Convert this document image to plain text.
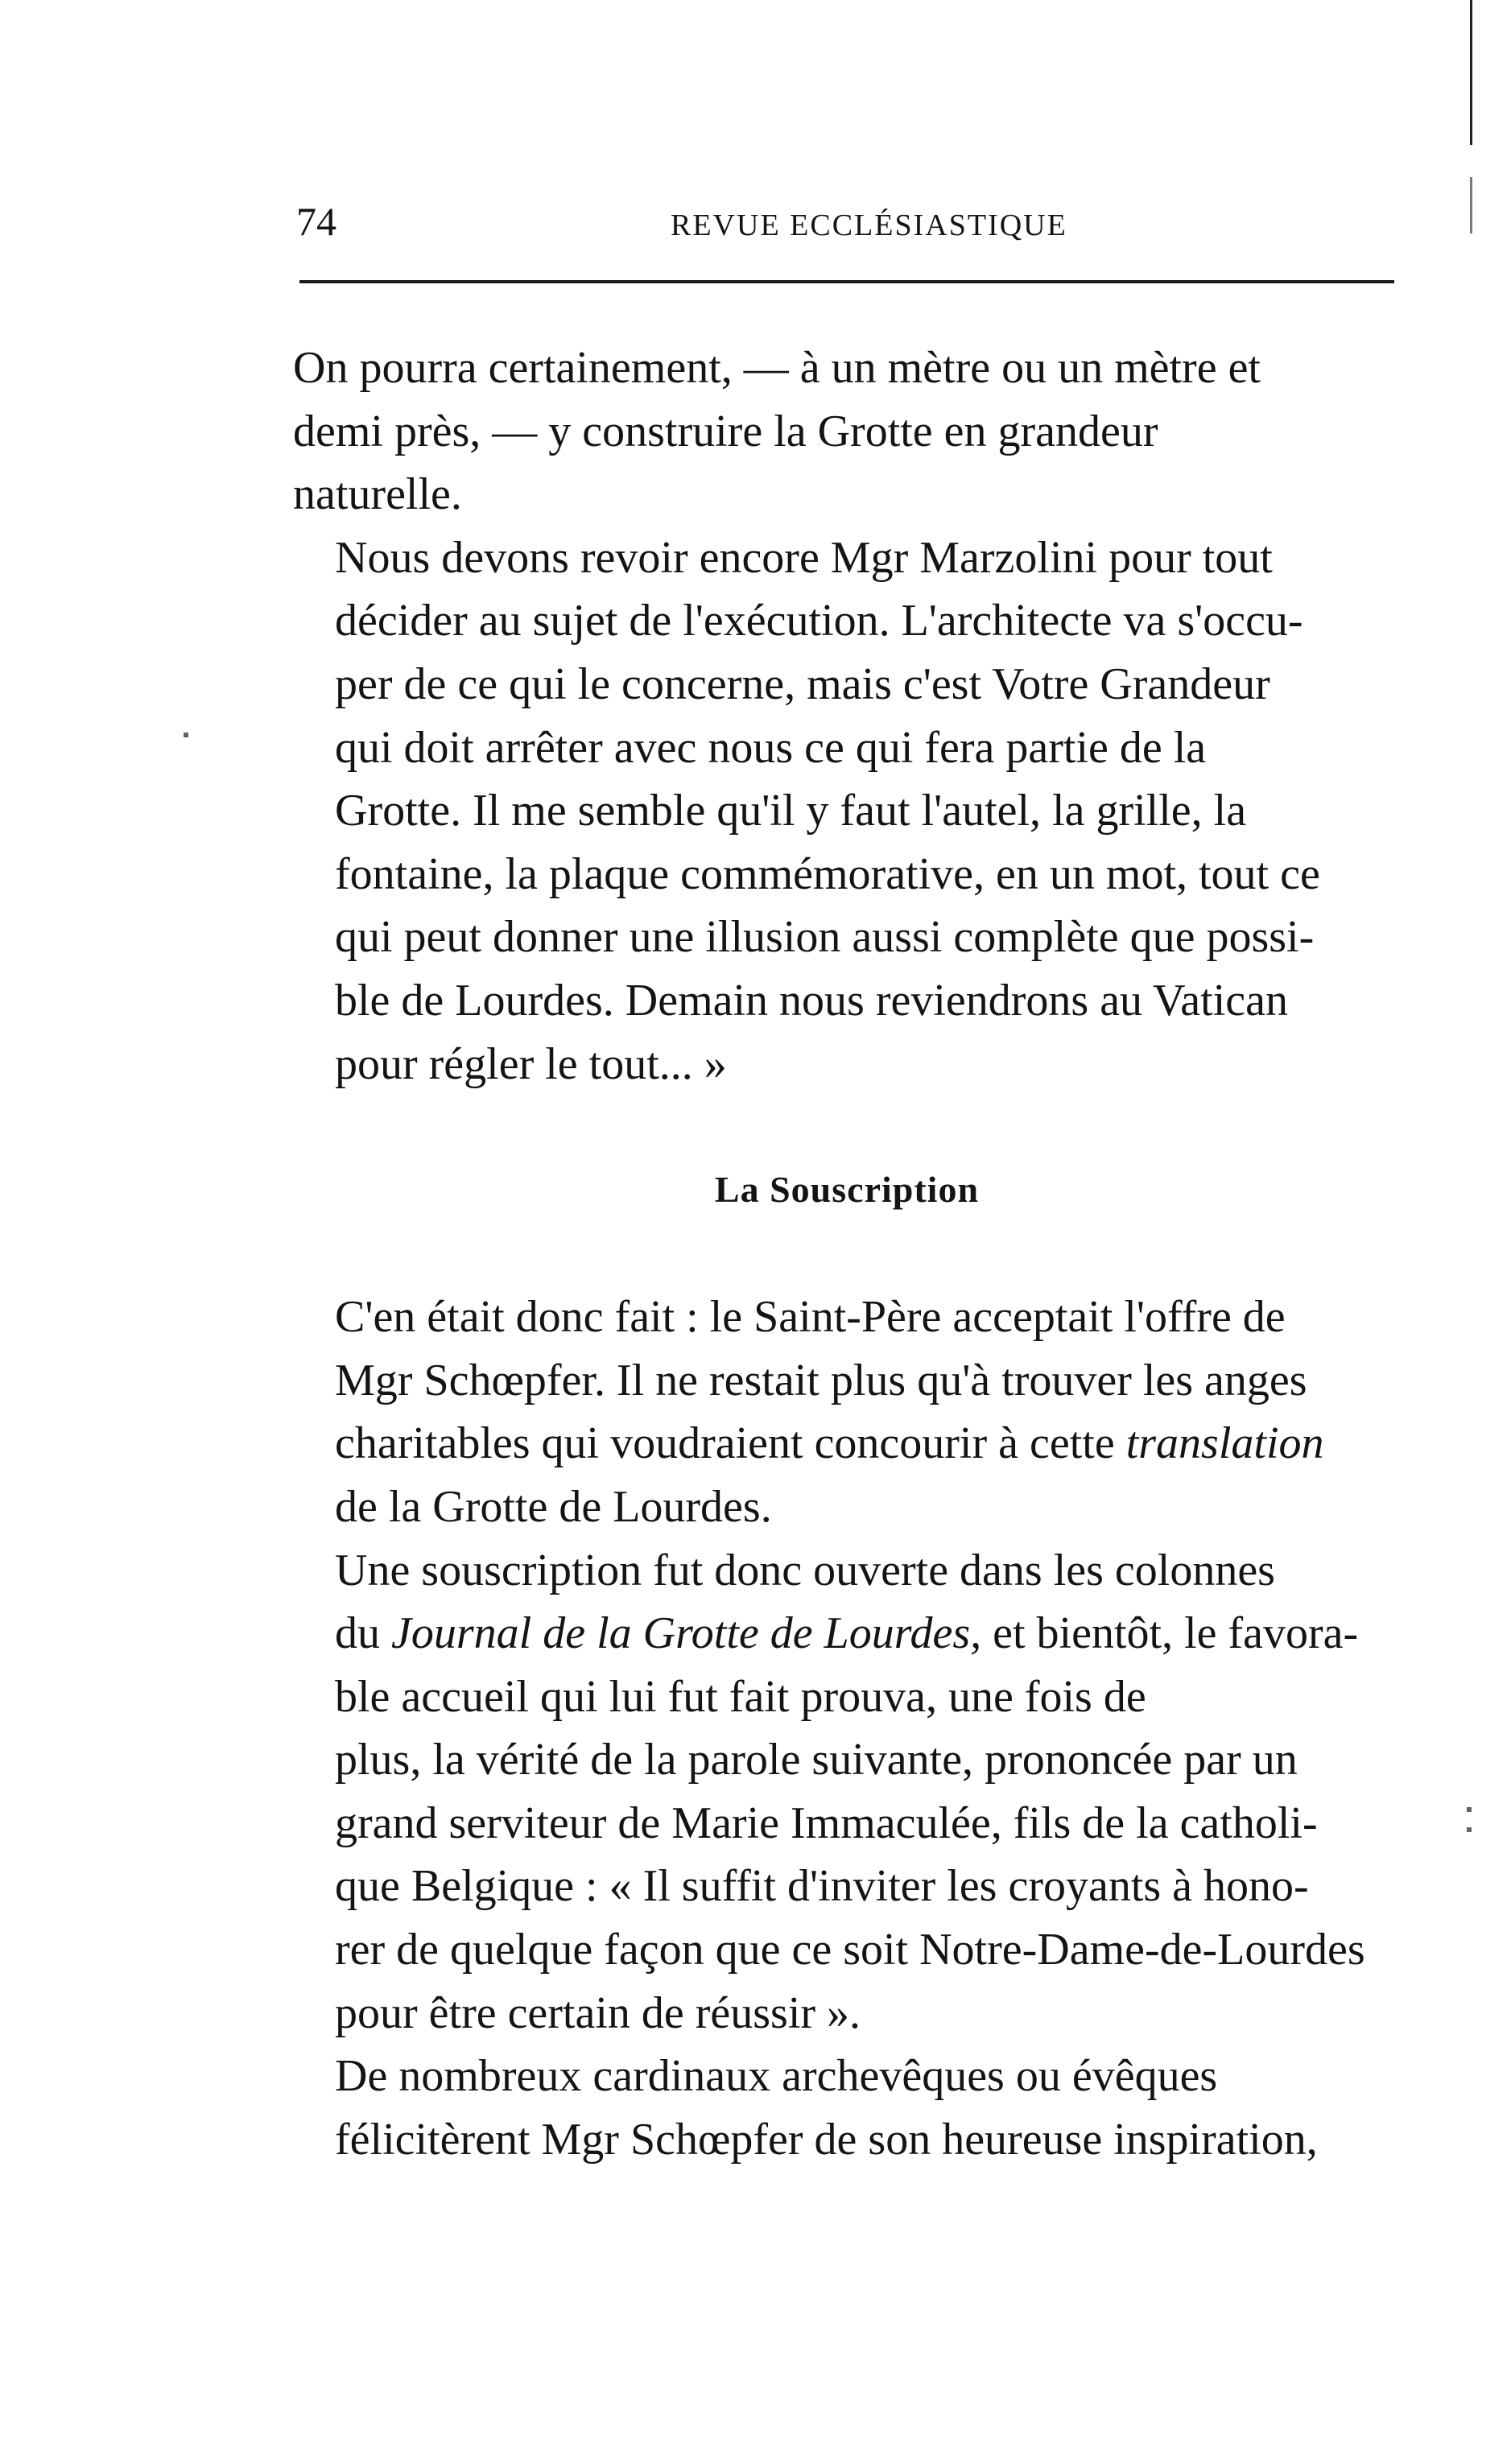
74	REVUE ECCLÉSIASTIQUE

On pourra certainement, — à un mètre ou un mètre et
demi près, — y construire la Grotte en grandeur
naturelle.

Nous devons revoir encore Mgr Marzolini pour tout
décider au sujet de l'exécution. L'architecte va s'occu-
per de ce qui le concerne, mais c'est Votre Grandeur
qui doit arrêter avec nous ce qui fera partie de la
Grotte. Il me semble qu'il y faut l'autel, la grille, la
fontaine, la plaque commémorative, en un mot, tout ce
qui peut donner une illusion aussi complète que possi-
ble de Lourdes. Demain nous reviendrons au Vatican
pour régler le tout... »

La Souscription

C'en était donc fait : le Saint-Père acceptait l'offre de
Mgr Schœpfer. Il ne restait plus qu'à trouver les anges
charitables qui voudraient concourir à cette translation
de la Grotte de Lourdes.

Une souscription fut donc ouverte dans les colonnes
du Journal de la Grotte de Lourdes, et bientôt, le favora-
ble accueil qui lui fut fait prouva, une fois de
plus, la vérité de la parole suivante, prononcée par un
grand serviteur de Marie Immaculée, fils de la catholi-
que Belgique : « Il suffit d'inviter les croyants à hono-
rer de quelque façon que ce soit Notre-Dame-de-Lourdes
pour être certain de réussir ».

De nombreux cardinaux archevêques ou évêques
félicitèrent Mgr Schœpfer de son heureuse inspiration,
